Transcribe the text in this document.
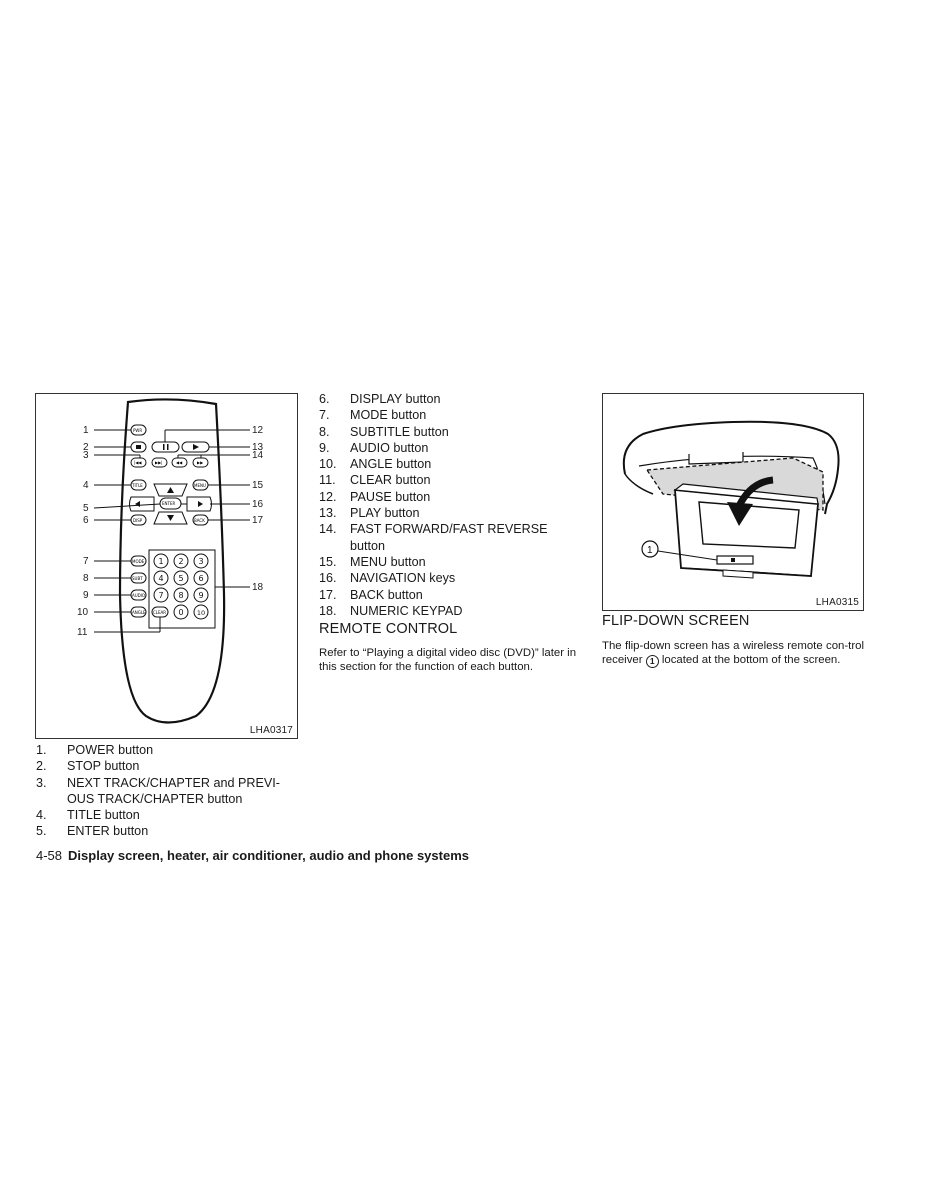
PWR
|◀◀	▶▶|	◀◀	▶▶
TITLE	MENU
ENTER
DISP	BACK
MODE
SUBT
AUDIO
ANGLE CLEAR
1 2 3
4 5 6
7 8 9
0 10
1
2
3
4
5
6
7
8
9
10
11
12
13
14
15
16
17
18
LHA0317
1. POWER button
2. STOP button
3. NEXT TRACK/CHAPTER and PREVI-OUS TRACK/CHAPTER button
4. TITLE button
5. ENTER button
6. DISPLAY button
7. MODE button
8. SUBTITLE button
9. AUDIO button
10. ANGLE button
11. CLEAR button
12. PAUSE button
13. PLAY button
14. FAST FORWARD/FAST REVERSE button
15. MENU button
16. NAVIGATION keys
17. BACK button
18. NUMERIC KEYPAD
REMOTE CONTROL

Refer to “Playing a digital video disc (DVD)” later in this section for the function of each button.

1
LHA0315
FLIP-DOWN SCREEN

The flip-down screen has a wireless remote con-trol receiver 1 located at the bottom of the screen.

4-58 Display screen, heater, air conditioner, audio and phone systems
